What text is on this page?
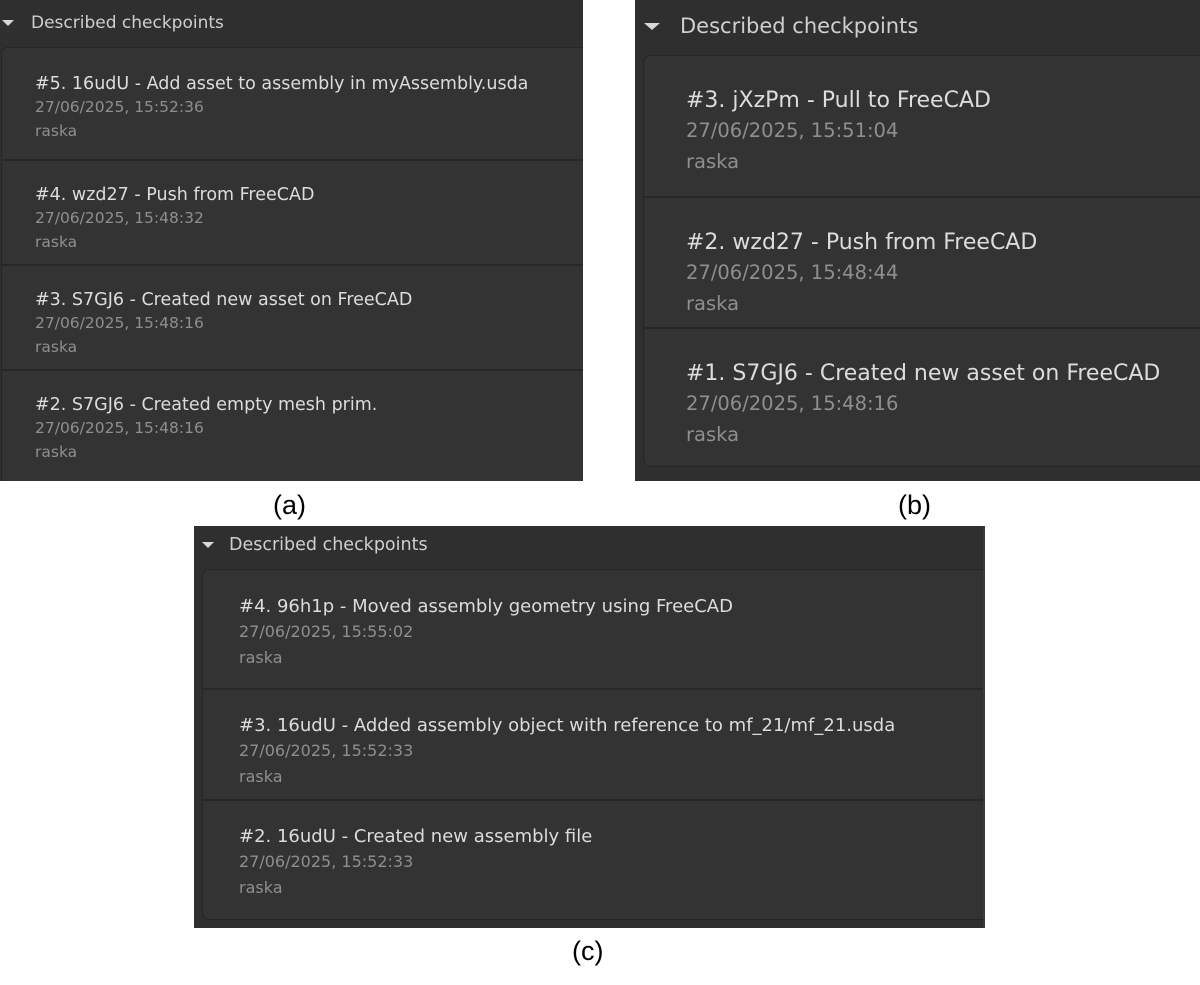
Described checkpoints
#5. 16udU - Add asset to assembly in myAssembly.usda
27/06/2025, 15:52:36
raska
#4. wzd27 - Push from FreeCAD
27/06/2025, 15:48:32
raska
#3. S7GJ6 - Created new asset on FreeCAD
27/06/2025, 15:48:16
raska
#2. S7GJ6 - Created empty mesh prim.
27/06/2025, 15:48:16
raska
(a)
Described checkpoints
#3. jXzPm - Pull to FreeCAD
27/06/2025, 15:51:04
raska
#2. wzd27 - Push from FreeCAD
27/06/2025, 15:48:44
raska
#1. S7GJ6 - Created new asset on FreeCAD
27/06/2025, 15:48:16
raska
(b)
Described checkpoints
#4. 96h1p - Moved assembly geometry using FreeCAD
27/06/2025, 15:55:02
raska
#3. 16udU - Added assembly object with reference to mf_21/mf_21.usda
27/06/2025, 15:52:33
raska
#2. 16udU - Created new assembly file
27/06/2025, 15:52:33
raska
(c)
